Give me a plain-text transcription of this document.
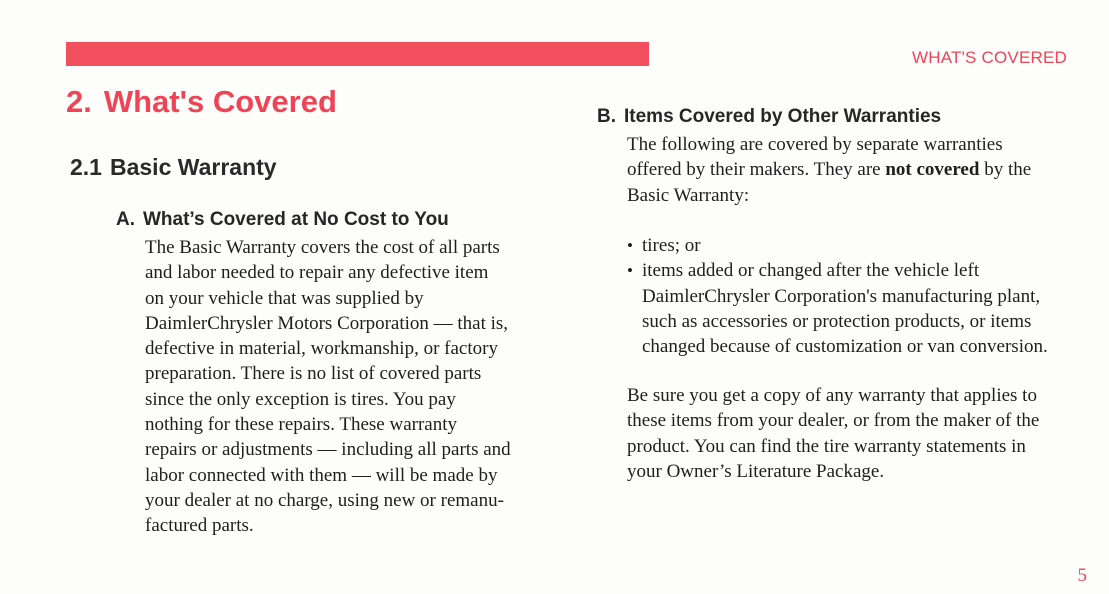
WHAT'S COVERED
2. What's Covered
2.1 Basic Warranty
A. What’s Covered at No Cost to You

The Basic Warranty covers the cost of all parts
and labor needed to repair any defective item
on your vehicle that was supplied by
DaimlerChrysler Motors Corporation — that is,
defective in material, workmanship, or factory
preparation. There is no list of covered parts
since the only exception is tires. You pay
nothing for these repairs. These warranty
repairs or adjustments — including all parts and
labor connected with them — will be made by
your dealer at no charge, using new or remanu-
factured parts.

B. Items Covered by Other Warranties

The following are covered by separate warranties
offered by their makers. They are not covered by the
Basic Warranty:

• tires; or
• items added or changed after the vehicle left
DaimlerChrysler Corporation's manufacturing plant,
such as accessories or protection products, or items
changed because of customization or van conversion.

Be sure you get a copy of any warranty that applies to
these items from your dealer, or from the maker of the
product. You can find the tire warranty statements in
your Owner’s Literature Package.

5
